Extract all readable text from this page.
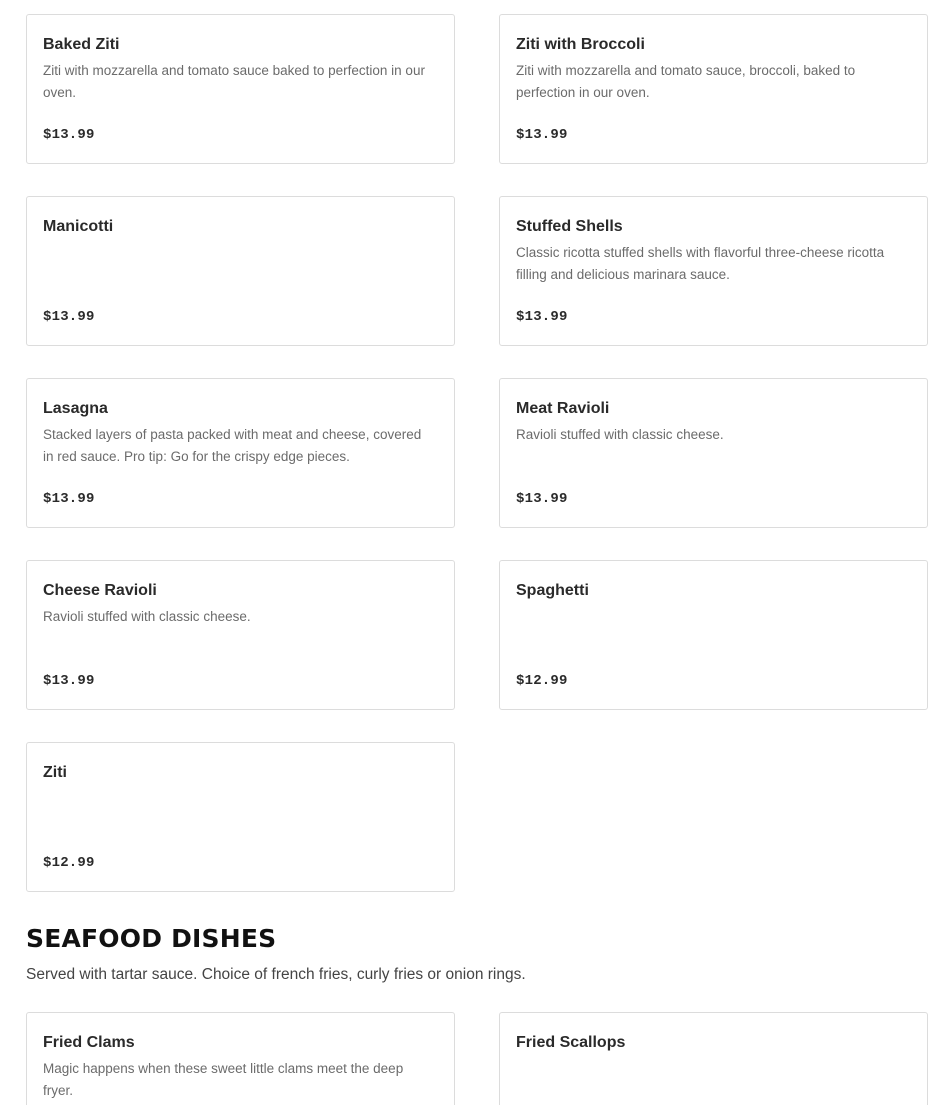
Baked Ziti
Ziti with mozzarella and tomato sauce baked to perfection in our oven.
$13.99
Ziti with Broccoli
Ziti with mozzarella and tomato sauce, broccoli, baked to perfection in our oven.
$13.99
Manicotti
$13.99
Stuffed Shells
Classic ricotta stuffed shells with flavorful three-cheese ricotta filling and delicious marinara sauce.
$13.99
Lasagna
Stacked layers of pasta packed with meat and cheese, covered in red sauce. Pro tip: Go for the crispy edge pieces.
$13.99
Meat Ravioli
Ravioli stuffed with classic cheese.
$13.99
Cheese Ravioli
Ravioli stuffed with classic cheese.
$13.99
Spaghetti
$12.99
Ziti
$12.99
SEAFOOD DISHES
Served with tartar sauce. Choice of french fries, curly fries or onion rings.
Fried Clams
Magic happens when these sweet little clams meet the deep fryer.
Fried Scallops
